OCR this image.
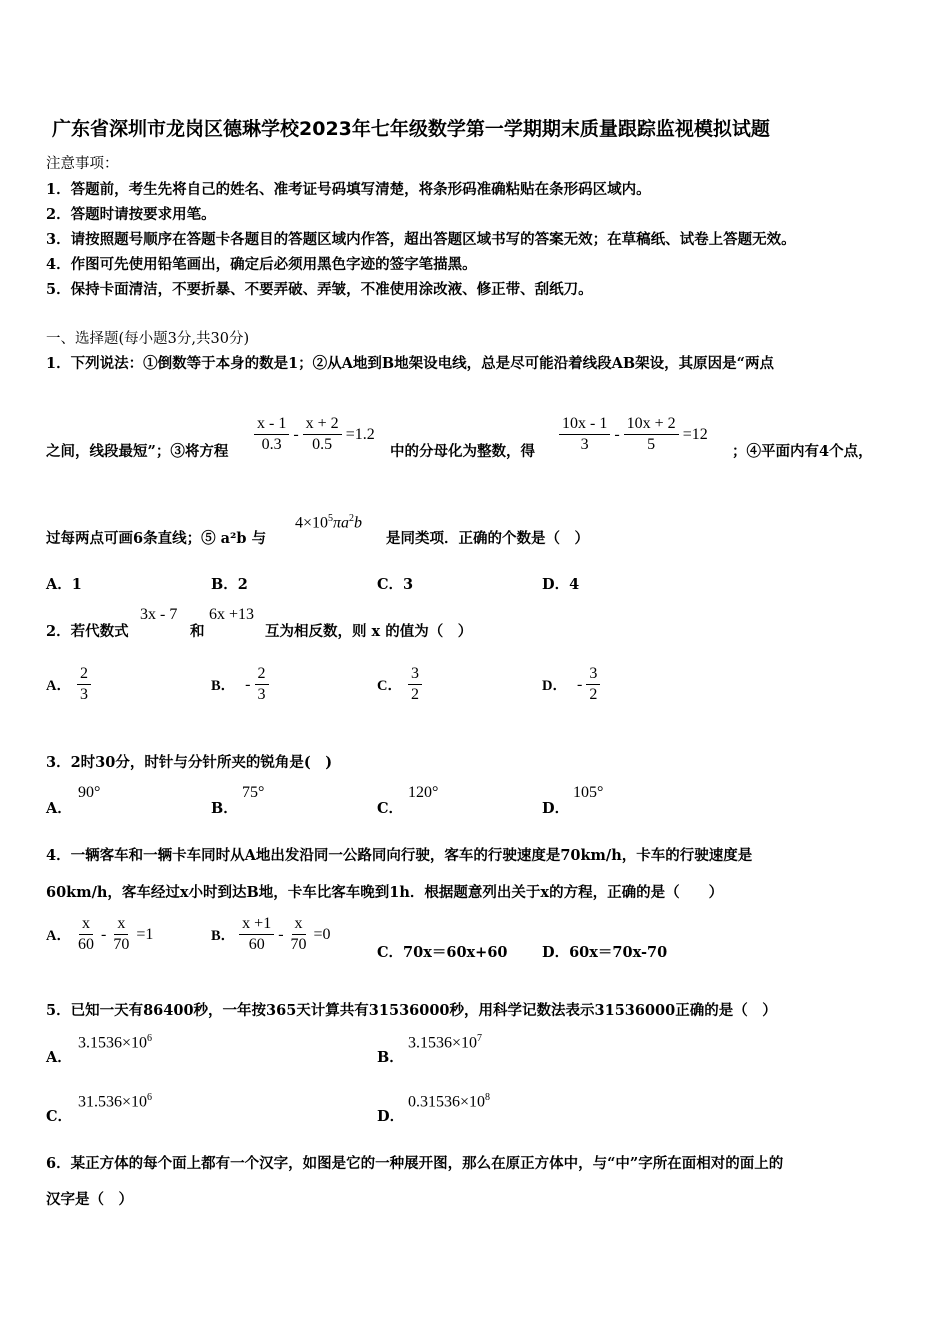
广东省深圳市龙岗区德琳学校2023年七年级数学第一学期期末质量跟踪监视模拟试题
注意事项：
1．答题前，考生先将自己的姓名、准考证号码填写清楚，将条形码准确粘贴在条形码区域内。
2．答题时请按要求用笔。
3．请按照题号顺序在答题卡各题目的答题区域内作答，超出答题区域书写的答案无效；在草稿纸、试卷上答题无效。
4．作图可先使用铅笔画出，确定后必须用黑色字迹的签字笔描黑。
5．保持卡面清洁，不要折暴、不要弄破、弄皱，不准使用涂改液、修正带、刮纸刀。
一、选择题(每小题3分,共30分)
1．下列说法：①倒数等于本身的数是1；②从A地到B地架设电线，总是尽可能沿着线段AB架设，其原因是“两点
之间，线段最短”；③将方程 $\frac{x - 1}{0.3} - \frac{x + 2}{0.5} =1.2$
中的分母化为整数，得 $\frac{10x - 1}{3} - \frac{10x + 2}{5} =12$
；④平面内有4个点，
过每两点可画6条直线；⑤ a²b 与
$4\times 10^5\pi a^2b$
是同类项．正确的个数是（　）
A．1	B．2	C．3	D．4
2．若代数式
3x - 7
和
6x +13
互为相反数，则 x 的值为（　）
A． $\frac{2}{3}$	B． - $\frac{2}{3}$	C． $\frac{3}{2}$	D． - $\frac{3}{2}$
3．2时30分，时针与分针所夹的锐角是(　)
A．
90°
B．
75°
C．
120°
D．
105°
4．一辆客车和一辆卡车同时从A地出发沿同一公路同向行驶，客车的行驶速度是70km/h，卡车的行驶速度是
60km/h，客车经过x小时到达B地，卡车比客车晚到1h．根据题意列出关于x的方程，正确的是（　　）
A． $\frac{x}{60} - \frac{x}{70} =1$	B． $\frac{x +1}{60} - \frac{x}{70} =0$
C．70x＝60x+60 D．60x＝70x-70
5．已知一天有86400秒，一年按365天计算共有31536000秒，用科学记数法表示31536000正确的是（　）
A．
$3.1536\times 10^6$
B．
$3.1536\times 10^7$
C．
$31.536\times 10^6$
D．
$0.31536\times 10^8$
6．某正方体的每个面上都有一个汉字，如图是它的一种展开图，那么在原正方体中，与“中”字所在面相对的面上的
汉字是（　）
